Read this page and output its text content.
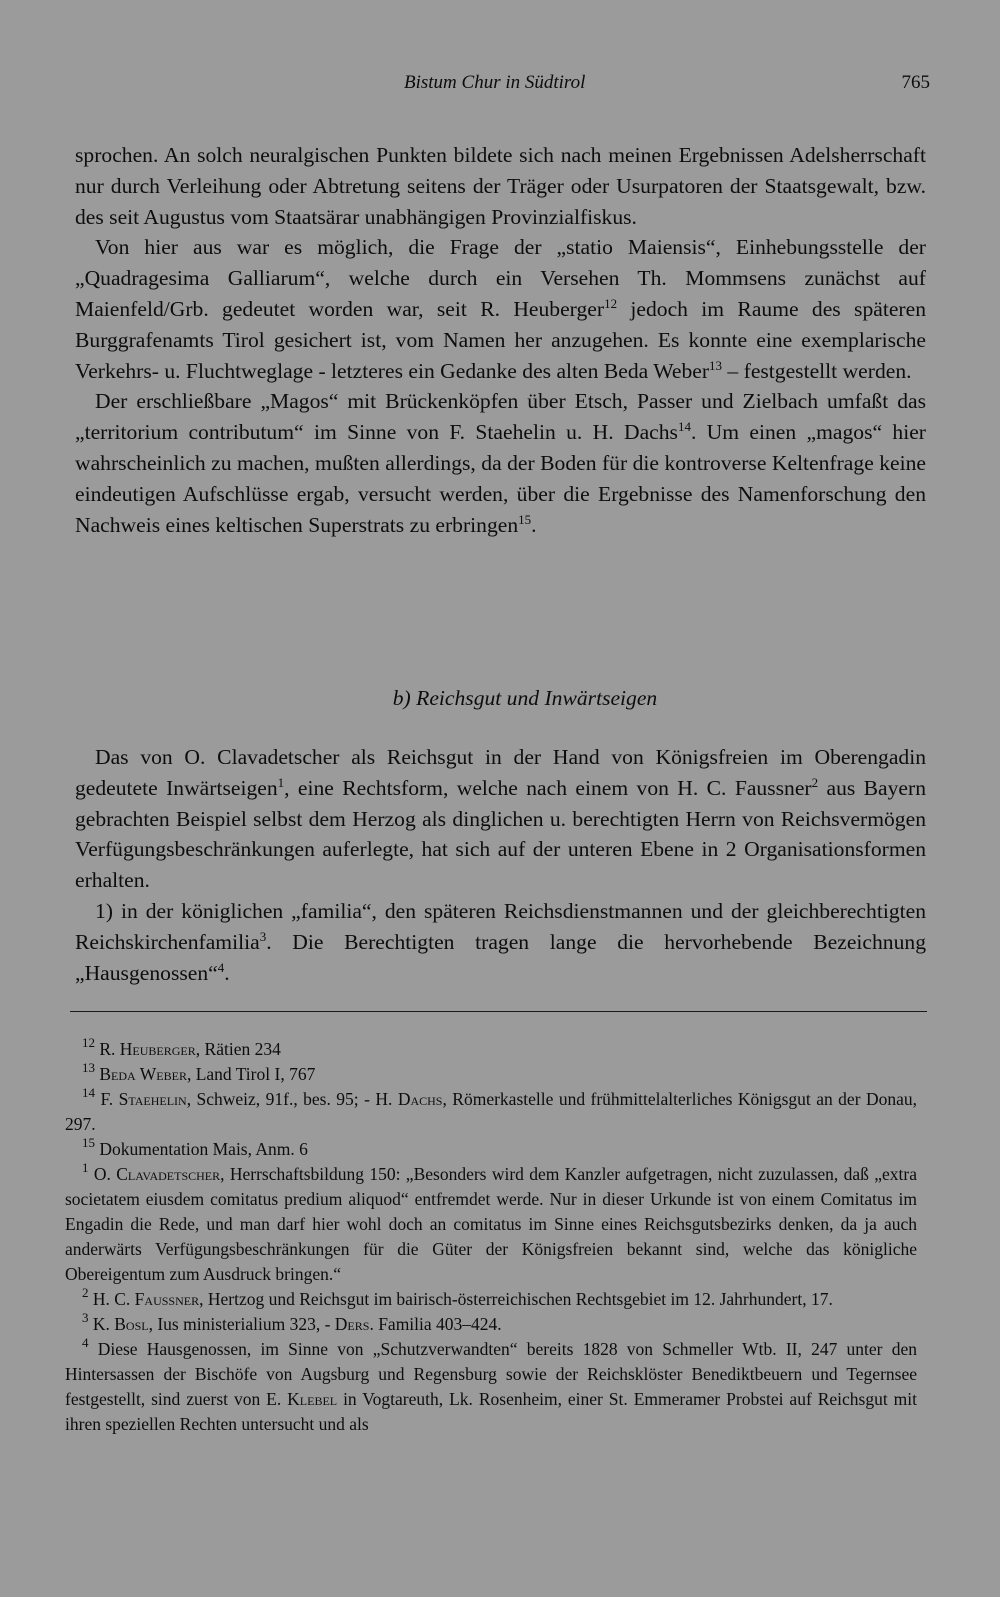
Bistum Chur in Südtirol	765

sprochen. An solch neuralgischen Punkten bildete sich nach meinen Ergebnissen Adelsherrschaft nur durch Verleihung oder Abtretung seitens der Träger oder Usurpatoren der Staatsgewalt, bzw. des seit Augustus vom Staatsärar unabhängigen Provinzialfiskus.

Von hier aus war es möglich, die Frage der „statio Maiensis“, Einhebungsstelle der „Quadragesima Galliarum“, welche durch ein Versehen Th. Mommsens zunächst auf Maienfeld/Grb. gedeutet worden war, seit R. Heuberger$^{12}$ jedoch im Raume des späteren Burggrafenamts Tirol gesichert ist, vom Namen her anzugehen. Es konnte eine exemplarische Verkehrs- u. Fluchtweglage - letzteres ein Gedanke des alten Beda Weber$^{13}$ – festgestellt werden.

Der erschließbare „Magos“ mit Brückenköpfen über Etsch, Passer und Zielbach umfaßt das „territorium contributum“ im Sinne von F. Staehelin u. H. Dachs$^{14}$. Um einen „magos“ hier wahrscheinlich zu machen, mußten allerdings, da der Boden für die kontroverse Keltenfrage keine eindeutigen Aufschlüsse ergab, versucht werden, über die Ergebnisse des Namenforschung den Nachweis eines keltischen Superstrats zu erbringen$^{15}$.

b) Reichsgut und Inwärtseigen

Das von O. Clavadetscher als Reichsgut in der Hand von Königsfreien im Oberengadin gedeutete Inwärtseigen$^1$, eine Rechtsform, welche nach einem von H. C. Faussner$^2$ aus Bayern gebrachten Beispiel selbst dem Herzog als dinglichen u. berechtigten Herrn von Reichsvermögen Verfügungsbeschränkungen auferlegte, hat sich auf der unteren Ebene in 2 Organisationsformen erhalten.

1) in der königlichen „familia“, den späteren Reichsdienstmannen und der gleichberechtigten Reichskirchenfamilia$^3$. Die Berechtigten tragen lange die hervorhebende Bezeichnung „Hausgenossen“$^4$.

$^{12}$ R. Heuberger, Rätien 234

$^{13}$ Beda Weber, Land Tirol I, 767

$^{14}$ F. Staehelin, Schweiz, 91f., bes. 95; - H. Dachs, Römerkastelle und frühmittelalterliches Königsgut an der Donau, 297.

$^{15}$ Dokumentation Mais, Anm. 6

$^1$ O. Clavadetscher, Herrschaftsbildung 150: „Besonders wird dem Kanzler aufgetragen, nicht zuzulassen, daß „extra societatem eiusdem comitatus predium aliquod“ entfremdet werde. Nur in dieser Urkunde ist von einem Comitatus im Engadin die Rede, und man darf hier wohl doch an comitatus im Sinne eines Reichsgutsbezirks denken, da ja auch anderwärts Verfügungsbeschränkungen für die Güter der Königsfreien bekannt sind, welche das königliche Obereigentum zum Ausdruck bringen.“

$^2$ H. C. Faussner, Hertzog und Reichsgut im bairisch-österreichischen Rechtsgebiet im 12. Jahrhundert, 17.

$^3$ K. Bosl, Ius ministerialium 323, - Ders. Familia 403–424.

$^4$ Diese Hausgenossen, im Sinne von „Schutzverwandten“ bereits 1828 von Schmeller Wtb. II, 247 unter den Hintersassen der Bischöfe von Augsburg und Regensburg sowie der Reichsklöster Benediktbeuern und Tegernsee festgestellt, sind zuerst von E. Klebel in Vogtareuth, Lk. Rosenheim, einer St. Emmeramer Probstei auf Reichsgut mit ihren speziellen Rechten untersucht und als
